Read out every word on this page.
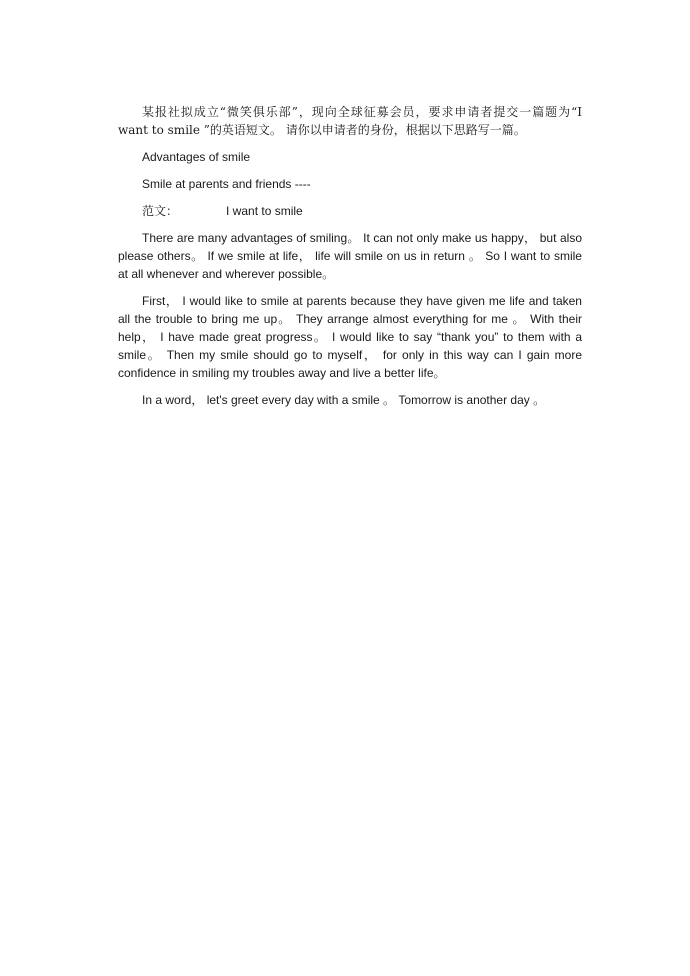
某报社拟成立“微笑俱乐部”，现向全球征募会员，要求申请者提交一篇题为“I want to smile ”的英语短文。 请你以申请者的身份，根据以下思路写一篇。

Advantages of smile

Smile at parents and friends ----

范文：	I want to smile

There are many advantages of smiling。 It can not only make us happy， but also please others。 If we smile at life， life will smile on us in return 。 So I want to smile at all whenever and wherever possible。

First， I would like to smile at parents because they have given me life and taken all the trouble to bring me up。 They arrange almost everything for me 。 With their help， I have made great progress。 I would like to say “thank you” to them with a smile。 Then my smile should go to myself， for only in this way can I gain more confidence in smiling my troubles away and live a better life。

In a word， let's greet every day with a smile 。 Tomorrow is another day 。
